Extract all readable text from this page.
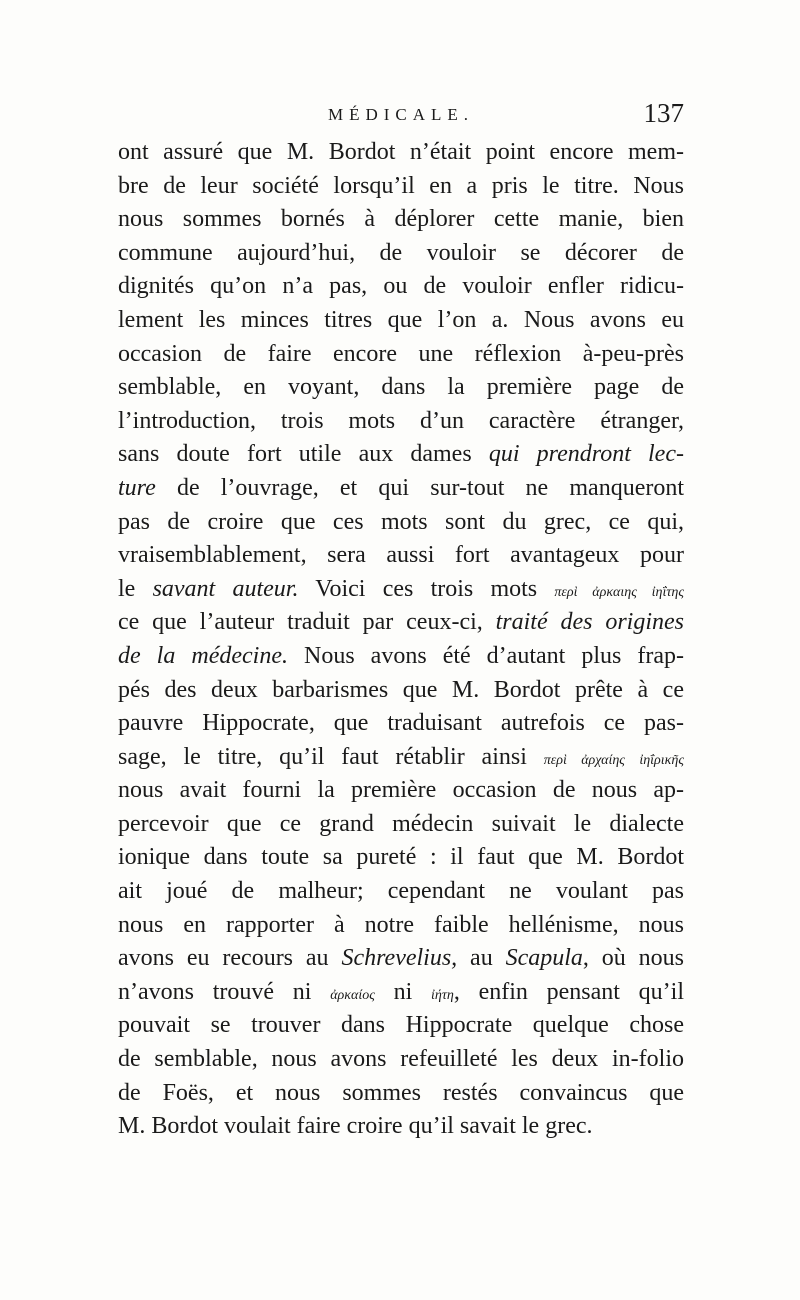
MÉDICALE.	137
ont assuré que M. Bordot n’était point encore mem-
bre de leur société lorsqu’il en a pris le titre. Nous
nous sommes bornés à déplorer cette manie, bien
commune aujourd’hui, de vouloir se décorer de
dignités qu’on n’a pas, ou de vouloir enfler ridicu-
lement les minces titres que l’on a. Nous avons eu
occasion de faire encore une réflexion à-peu-près
semblable, en voyant, dans la première page de
l’introduction, trois mots d’un caractère étranger,
sans doute fort utile aux dames qui prendront lec-
ture de l’ouvrage, et qui sur-tout ne manqueront
pas de croire que ces mots sont du grec, ce qui,
vraisemblablement, sera aussi fort avantageux pour
le savant auteur. Voici ces trois mots περὶ ἀρκαιης ἰηΐτης
ce que l’auteur traduit par ceux-ci, traité des origines
de la médecine. Nous avons été d’autant plus frap-
pés des deux barbarismes que M. Bordot prête à ce
pauvre Hippocrate, que traduisant autrefois ce pas-
sage, le titre, qu’il faut rétablir ainsi περὶ ἀρχαίης ἰηΐρικῆς
nous avait fourni la première occasion de nous ap-
percevoir que ce grand médecin suivait le dialecte
ionique dans toute sa pureté : il faut que M. Bordot
ait joué de malheur; cependant ne voulant pas
nous en rapporter à notre faible hellénisme, nous
avons eu recours au Schrevelius, au Scapula, où nous
n’avons trouvé ni ἀρκαίος ni ἰήτη, enfin pensant qu’il
pouvait se trouver dans Hippocrate quelque chose
de semblable, nous avons refeuilleté les deux in-folio
de Foës, et nous sommes restés convaincus que
M. Bordot voulait faire croire qu’il savait le grec.
